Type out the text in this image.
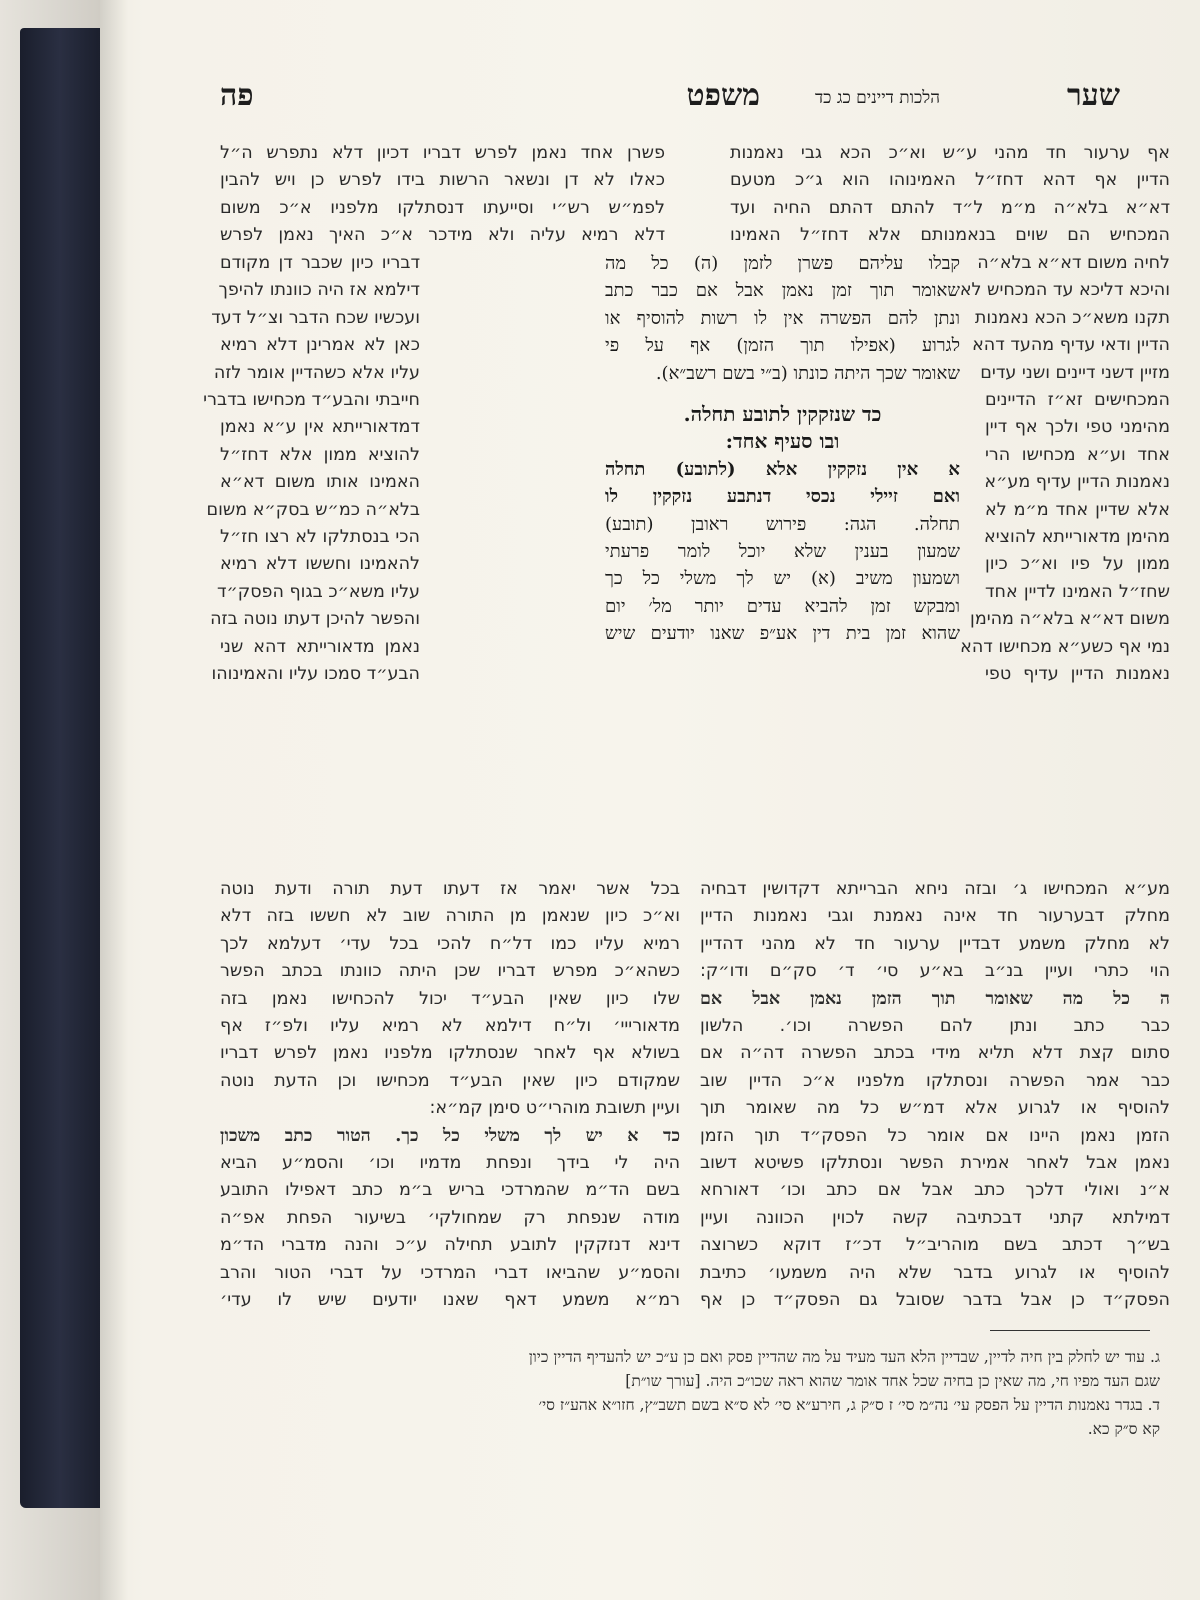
שער
הלכות דיינים כג כד
משפט
פה
אף ערעור חד מהני ע״ש וא״כ הכא גבי נאמנות
הדיין אף דהא דחז״ל האמינוהו הוא ג״כ מטעם
דא״א בלא״ה מ״מ ל״ד להתם דהתם החיה ועד
המכחיש הם שוים בנאמנותם אלא דחז״ל האמינו
פשרן אחד נאמן לפרש דבריו דכיון דלא נתפרש ה״ל
כאלו לא דן ונשאר הרשות בידו לפרש כן ויש להבין
לפמ״ש רש״י וסייעתו דנסתלקו מלפניו א״כ משום
דלא רמיא עליה ולא מידכר א״כ האיך נאמן לפרש
לחיה משום דא״א בלא״ה
והיכא דליכא עד המכחיש לא
תקנו משא״כ הכא נאמנות
הדיין ודאי עדיף מהעד דהא
מזיין דשני דיינים ושני עדים
המכחישים זא״ז הדיינים
מהימני טפי ולכך אף דיין
אחד וע״א מכחישו הרי
נאמנות הדיין עדיף מע״א
אלא שדיין אחד מ״מ לא
מהימן מדאורייתא להוציא
ממון על פיו וא״כ כיון
שחז״ל האמינו לדיין אחד
משום דא״א בלא״ה מהימן
נמי אף כשע״א מכחישו דהא
נאמנות הדיין עדיף טפי
קבלו עליהם פשרן לזמן (ה) כל מה
שאומר תוך זמן נאמן אבל אם כבר כתב
ונתן להם הפשרה אין לו רשות להוסיף או
לגרוע (אפילו תוך הזמן) אף על פי
שאומר שכך היתה כונתו (ב״י בשם רשב״א).
כד שנזקקין לתובע תחלה.
ובו סעיף אחד:
א אין נזקקין אלא (לתובע) תחלה
ואם זיילי נכסי דנתבע נזקקין לו
תחלה. הגה: פירוש ראובן (תובע)
שמעון בענין שלא יוכל לומר פרעתי
ושמעון משיב (א) יש לך משלי כל כך
ומבקש זמן להביא עדים יותר מל׳ יום
שהוא זמן בית דין אע״פ שאנו יודעים שיש
דבריו כיון שכבר דן מקודם
דילמא אז היה כוונתו להיפך
ועכשיו שכח הדבר וצ״ל דעד
כאן לא אמרינן דלא רמיא
עליו אלא כשהדיין אומר לזה
חייבתי והבע״ד מכחישו בדברי
דמדאורייתא אין ע״א נאמן
להוציא ממון אלא דחז״ל
האמינו אותו משום דא״א
בלא״ה כמ״ש בסק״א משום
הכי בנסתלקו לא רצו חז״ל
להאמינו וחששו דלא רמיא
עליו משא״כ בגוף הפסק״ד
והפשר להיכן דעתו נוטה בזה
נאמן מדאורייתא דהא שני
הבע״ד סמכו עליו והאמינוהו
מע״א המכחישו ג׳ ובזה ניחא הברייתא דקדושין דבחיה
מחלק דבערעור חד אינה נאמנת וגבי נאמנות הדיין
לא מחלק משמע דבדיין ערעור חד לא מהני דהדיין
הוי כתרי ועיין בנ״ב בא״ע סי׳ ד׳ סק״ם ודו״ק:
ה כל מה שאומר תוך הזמן נאמן אבל אם
כבר כתב ונתן להם הפשרה וכו׳. הלשון
סתום קצת דלא תליא מידי בכתב הפשרה דה״ה אם
כבר אמר הפשרה ונסתלקו מלפניו א״כ הדיין שוב
להוסיף או לגרוע אלא דמ״ש כל מה שאומר תוך
הזמן נאמן היינו אם אומר כל הפסק״ד תוך הזמן
נאמן אבל לאחר אמירת הפשר ונסתלקו פשיטא דשוב
א״נ ואולי דלכך כתב אבל אם כתב וכו׳ דאורחא
דמילתא קתני דבכתיבה קשה לכוין הכוונה ועיין
בש״ך דכתב בשם מוהריב״ל דכ״ז דוקא כשרוצה
להוסיף או לגרוע בדבר שלא היה משמעו׳ כתיבת
הפסק״ד כן אבל בדבר שסובל גם הפסק״ד כן אף
בכל אשר יאמר אז דעתו דעת תורה ודעת נוטה
וא״כ כיון שנאמן מן התורה שוב לא חששו בזה דלא
רמיא עליו כמו דל״ח להכי בכל עדי׳ דעלמא לכך
כשהא״כ מפרש דבריו שכן היתה כוונתו בכתב הפשר
שלו כיון שאין הבע״ד יכול להכחישו נאמן בזה
מדאורייי׳ ול״ח דילמא לא רמיא עליו ולפ״ז אף
בשולא אף לאחר שנסתלקו מלפניו נאמן לפרש דבריו
שמקודם כיון שאין הבע״ד מכחישו וכן הדעת נוטה
ועיין תשובת מוהרי״ט סימן קמ״א:
כד א יש לך משלי כל כך. הטור כתב משכון
היה לי בידך ונפחת מדמיו וכו׳ והסמ״ע הביא
בשם הד״מ שהמרדכי בריש ב״מ כתב דאפילו התובע
מודה שנפחת רק שמחולקי׳ בשיעור הפחת אפ״ה
דינא דנזקקין לתובע תחילה ע״כ והנה מדברי הד״מ
והסמ״ע שהביאו דברי המרדכי על דברי הטור והרב
רמ״א משמע דאף שאנו יודעים שיש לו עדי׳
ג. עוד יש לחלק בין חיה לדיין, שבדיין הלא העד מעיד על מה שהדיין פסק ואם כן ע״כ יש להעדיף הדיין כיון
שגם העד מפיו חי, מה שאין כן בחיה שכל אחד אומר שהוא ראה שכו״כ היה. [עורך שו״ת]
ד. בגדר נאמנות הדיין על הפסק עי׳ נה״מ סי׳ ז ס״ק ג, חירע״א סי׳ לא ס״א בשם תשב״ץ, חזו״א אהע״ז סי׳
קא ס״ק כא.
